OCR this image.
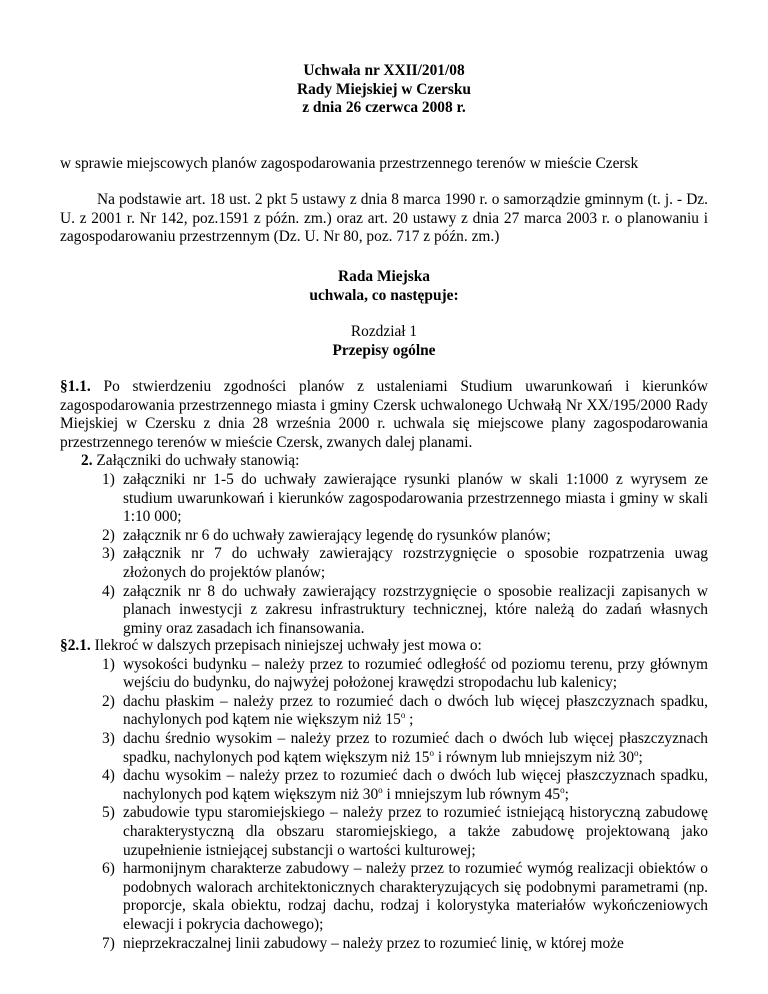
Uchwała nr XXII/201/08
Rady Miejskiej w Czersku
z dnia 26 czerwca 2008 r.
w sprawie miejscowych planów zagospodarowania przestrzennego terenów w mieście Czersk
Na podstawie art. 18 ust. 2 pkt 5 ustawy z dnia 8 marca 1990 r. o samorządzie gminnym (t. j. - Dz. U. z 2001 r. Nr 142, poz.1591 z późn. zm.) oraz art. 20 ustawy z dnia 27 marca 2003 r. o planowaniu i zagospodarowaniu przestrzennym (Dz. U. Nr 80, poz. 717 z późn. zm.)
Rada Miejska
uchwala, co następuje:
Rozdział 1
Przepisy ogólne
§1.1. Po stwierdzeniu zgodności planów z ustaleniami Studium uwarunkowań i kierunków zagospodarowania przestrzennego miasta i gminy Czersk uchwalonego Uchwałą Nr XX/195/2000 Rady Miejskiej w Czersku z dnia 28 września 2000 r. uchwala się miejscowe plany zagospodarowania przestrzennego terenów w mieście Czersk, zwanych dalej planami.
2. Załączniki do uchwały stanowią:
1) załączniki nr 1-5 do uchwały zawierające rysunki planów w skali 1:1000 z wyrysem ze studium uwarunkowań i kierunków zagospodarowania przestrzennego miasta i gminy w skali 1:10 000;
2) załącznik nr 6 do uchwały zawierający legendę do rysunków planów;
3) załącznik nr 7 do uchwały zawierający rozstrzygnięcie o sposobie rozpatrzenia uwag złożonych do projektów planów;
4) załącznik nr 8 do uchwały zawierający rozstrzygnięcie o sposobie realizacji zapisanych w planach inwestycji z zakresu infrastruktury technicznej, które należą do zadań własnych gminy oraz zasadach ich finansowania.
§2.1. Ilekroć w dalszych przepisach niniejszej uchwały jest mowa o:
1) wysokości budynku – należy przez to rozumieć odległość od poziomu terenu, przy głównym wejściu do budynku, do najwyżej położonej krawędzi stropodachu lub kalenicy;
2) dachu płaskim – należy przez to rozumieć dach o dwóch lub więcej płaszczyznach spadku, nachylonych pod kątem nie większym niż 15$^o$ ;
3) dachu średnio wysokim – należy przez to rozumieć dach o dwóch lub więcej płaszczyznach spadku, nachylonych pod kątem większym niż 15$^o$ i równym lub mniejszym niż 30$^o$;
4) dachu wysokim – należy przez to rozumieć dach o dwóch lub więcej płaszczyznach spadku, nachylonych pod kątem większym niż 30$^o$ i mniejszym lub równym 45$^o$;
5) zabudowie typu staromiejskiego – należy przez to rozumieć istniejącą historyczną zabudowę charakterystyczną dla obszaru staromiejskiego, a także zabudowę projektowaną jako uzupełnienie istniejącej substancji o wartości kulturowej;
6) harmonijnym charakterze zabudowy – należy przez to rozumieć wymóg realizacji obiektów o podobnych walorach architektonicznych charakteryzujących się podobnymi parametrami (np. proporcje, skala obiektu, rodzaj dachu, rodzaj i kolorystyka materiałów wykończeniowych elewacji i pokrycia dachowego);
7) nieprzekraczalnej linii zabudowy – należy przez to rozumieć linię, w której może
